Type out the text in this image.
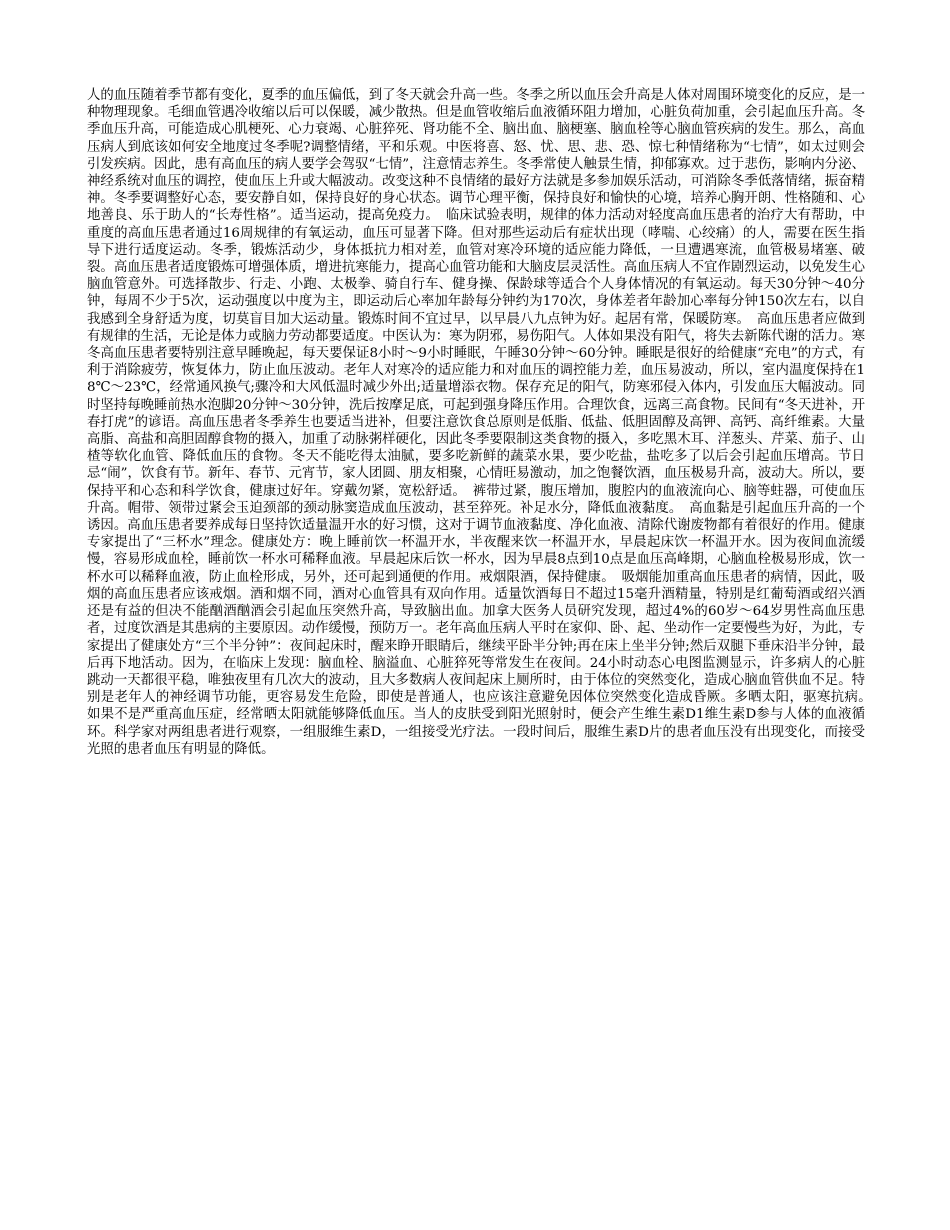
人的血压随着季节都有变化，夏季的血压偏低，到了冬天就会升高一些。冬季之所以血压会升高是人体对周围环境变化的反应，是一种物理现象。毛细血管遇冷收缩以后可以保暖，减少散热。但是血管收缩后血液循环阻力增加，心脏负荷加重，会引起血压升高。冬季血压升高，可能造成心肌梗死、心力衰竭、心脏猝死、肾功能不全、脑出血、脑梗塞、脑血栓等心脑血管疾病的发生。那么，高血压病人到底该如何安全地度过冬季呢?调整情绪，平和乐观。中医将喜、怒、忧、思、悲、恐、惊七种情绪称为“七情”，如太过则会引发疾病。因此，患有高血压的病人要学会驾驭“七情”，注意情志养生。冬季常使人触景生情，抑郁寡欢。过于悲伤，影响内分泌、神经系统对血压的调控，使血压上升或大幅波动。改变这种不良情绪的最好方法就是多参加娱乐活动，可消除冬季低落情绪，振奋精神。冬季要调整好心态，要安静自如，保持良好的身心状态。调节心理平衡，保持良好和愉快的心境，培养心胸开朗、性格随和、心地善良、乐于助人的“长寿性格”。适当运动，提高免疫力。　临床试验表明，规律的体力活动对轻度高血压患者的治疗大有帮助，中重度的高血压患者通过16周规律的有氧运动，血压可显著下降。但对那些运动后有症状出现（哮喘、心绞痛）的人，需要在医生指导下进行适度运动。冬季，锻炼活动少，身体抵抗力相对差，血管对寒冷环境的适应能力降低，一旦遭遇寒流，血管极易堵塞、破裂。高血压患者适度锻炼可增强体质，增进抗寒能力，提高心血管功能和大脑皮层灵活性。高血压病人不宜作剧烈运动，以免发生心脑血管意外。可选择散步、行走、小跑、太极拳、骑自行车、健身操、保龄球等适合个人身体情况的有氧运动。每天30分钟～40分钟，每周不少于5次，运动强度以中度为主，即运动后心率加年龄每分钟约为170次，身体差者年龄加心率每分钟150次左右，以自我感到全身舒适为度，切莫盲目加大运动量。锻炼时间不宜过早，以早晨八九点钟为好。起居有常，保暖防寒。　高血压患者应做到有规律的生活，无论是体力或脑力劳动都要适度。中医认为：寒为阴邪，易伤阳气。人体如果没有阳气，将失去新陈代谢的活力。寒冬高血压患者要特别注意早睡晚起，每天要保证8小时～9小时睡眠，午睡30分钟～60分钟。睡眠是很好的给健康“充电”的方式，有利于消除疲劳，恢复体力，防止血压波动。老年人对寒冷的适应能力和对血压的调控能力差，血压易波动，所以，室内温度保持在18℃～23℃，经常通风换气;骤冷和大风低温时减少外出;适量增添衣物。保存充足的阳气，防寒邪侵入体内，引发血压大幅波动。同时坚持每晚睡前热水泡脚20分钟～30分钟，洗后按摩足底，可起到强身降压作用。合理饮食，远离三高食物。民间有“冬天进补，开春打虎”的谚语。高血压患者冬季养生也要适当进补，但要注意饮食总原则是低脂、低盐、低胆固醇及高钾、高钙、高纤维素。大量高脂、高盐和高胆固醇食物的摄入，加重了动脉粥样硬化，因此冬季要限制这类食物的摄入，多吃黑木耳、洋葱头、芹菜、茄子、山楂等软化血管、降低血压的食物。冬天不能吃得太油腻，要多吃新鲜的蔬菜水果，要少吃盐，盐吃多了以后会引起血压增高。节日忌“闹”，饮食有节。新年、春节、元宵节，家人团圆、朋友相聚，心情旺易激动，加之饱餐饮酒，血压极易升高，波动大。所以，要保持平和心态和科学饮食，健康过好年。穿戴勿紧，宽松舒适。　裤带过紧，腹压增加，腹腔内的血液流向心、脑等蛀器，可使血压升高。帽带、领带过紧会玉迫颈部的颈动脉窦造成血压波动，甚至猝死。补足水分，降低血液黏度。　高血黏是引起血压升高的一个诱因。高血压患者要养成每日坚持饮适量温开水的好习惯，这对于调节血液黏度、净化血液、清除代谢废物都有着很好的作用。健康专家提出了“三杯水”理念。健康处方：晚上睡前饮一杯温开水，半夜醒来饮一杯温开水，早晨起床饮一杯温开水。因为夜间血流缓慢，容易形成血栓，睡前饮一杯水可稀释血液。早晨起床后饮一杯水，因为早晨8点到10点是血压高峰期，心脑血栓极易形成，饮一杯水可以稀释血液，防止血栓形成，另外，还可起到通便的作用。戒烟限酒，保持健康。　吸烟能加重高血压患者的病情，因此，吸烟的高血压患者应该戒烟。酒和烟不同，酒对心血管具有双向作用。适量饮酒每日不超过15毫升酒精量，特别是红葡萄酒或绍兴酒还是有益的但决不能酗酒酗酒会引起血压突然升高，导致脑出血。加拿大医务人员研究发现，超过4%的60岁～64岁男性高血压患者，过度饮酒是其患病的主要原因。动作缓慢，预防万一。老年高血压病人平时在家仰、卧、起、坐动作一定要慢些为好，为此，专家提出了健康处方“三个半分钟”：夜间起床时，醒来睁开眼睛后，继续平卧半分钟;再在床上坐半分钟;然后双腿下垂床沿半分钟，最后再下地活动。因为，在临床上发现：脑血栓、脑溢血、心脏猝死等常发生在夜间。24小时动态心电图监测显示，许多病人的心脏跳动一天都很平稳，唯独夜里有几次大的波动，且大多数病人夜间起床上厕所时，由于体位的突然变化，造成心脑血管供血不足。特别是老年人的神经调节功能，更容易发生危险，即使是普通人，也应该注意避免因体位突然变化造成昏厥。多晒太阳，驱寒抗病。　如果不是严重高血压症，经常晒太阳就能够降低血压。当人的皮肤受到阳光照射时，便会产生维生素D1维生素D参与人体的血液循环。科学家对两组患者进行观察，一组服维生素D，一组接受光疗法。一段时间后，服维生素D片的患者血压没有出现变化，而接受光照的患者血压有明显的降低。
